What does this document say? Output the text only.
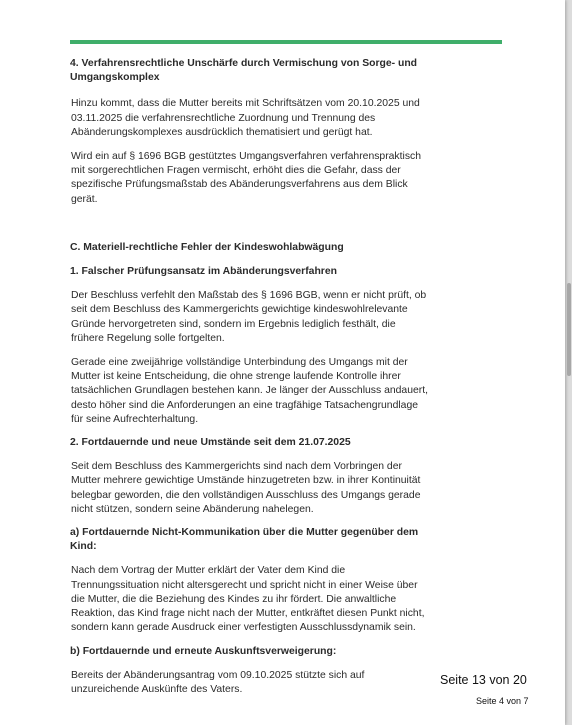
4. Verfahrensrechtliche Unschärfe durch Vermischung von Sorge- und
Umgangskomplex
Hinzu kommt, dass die Mutter bereits mit Schriftsätzen vom 20.10.2025 und
03.11.2025 die verfahrensrechtliche Zuordnung und Trennung des
Abänderungskomplexes ausdrücklich thematisiert und gerügt hat.
Wird ein auf § 1696 BGB gestütztes Umgangsverfahren verfahrenspraktisch
mit sorgerechtlichen Fragen vermischt, erhöht dies die Gefahr, dass der
spezifische Prüfungsmaßstab des Abänderungsverfahrens aus dem Blick
gerät.
C. Materiell-rechtliche Fehler der Kindeswohlabwägung
1. Falscher Prüfungsansatz im Abänderungsverfahren
Der Beschluss verfehlt den Maßstab des § 1696 BGB, wenn er nicht prüft, ob
seit dem Beschluss des Kammergerichts gewichtige kindeswohlrelevante
Gründe hervorgetreten sind, sondern im Ergebnis lediglich festhält, die
frühere Regelung solle fortgelten.
Gerade eine zweijährige vollständige Unterbindung des Umgangs mit der
Mutter ist keine Entscheidung, die ohne strenge laufende Kontrolle ihrer
tatsächlichen Grundlagen bestehen kann. Je länger der Ausschluss andauert,
desto höher sind die Anforderungen an eine tragfähige Tatsachengrundlage
für seine Aufrechterhaltung.
2. Fortdauernde und neue Umstände seit dem 21.07.2025
Seit dem Beschluss des Kammergerichts sind nach dem Vorbringen der
Mutter mehrere gewichtige Umstände hinzugetreten bzw. in ihrer Kontinuität
belegbar geworden, die den vollständigen Ausschluss des Umgangs gerade
nicht stützen, sondern seine Abänderung nahelegen.
a) Fortdauernde Nicht-Kommunikation über die Mutter gegenüber dem
Kind:
Nach dem Vortrag der Mutter erklärt der Vater dem Kind die
Trennungssituation nicht altersgerecht und spricht nicht in einer Weise über
die Mutter, die die Beziehung des Kindes zu ihr fördert. Die anwaltliche
Reaktion, das Kind frage nicht nach der Mutter, entkräftet diesen Punkt nicht,
sondern kann gerade Ausdruck einer verfestigten Ausschlussdynamik sein.
b) Fortdauernde und erneute Auskunftsverweigerung:
Bereits der Abänderungsantrag vom 09.10.2025 stützte sich auf
unzureichende Auskünfte des Vaters.
Seite 13 von 20
Seite 4 von 7
